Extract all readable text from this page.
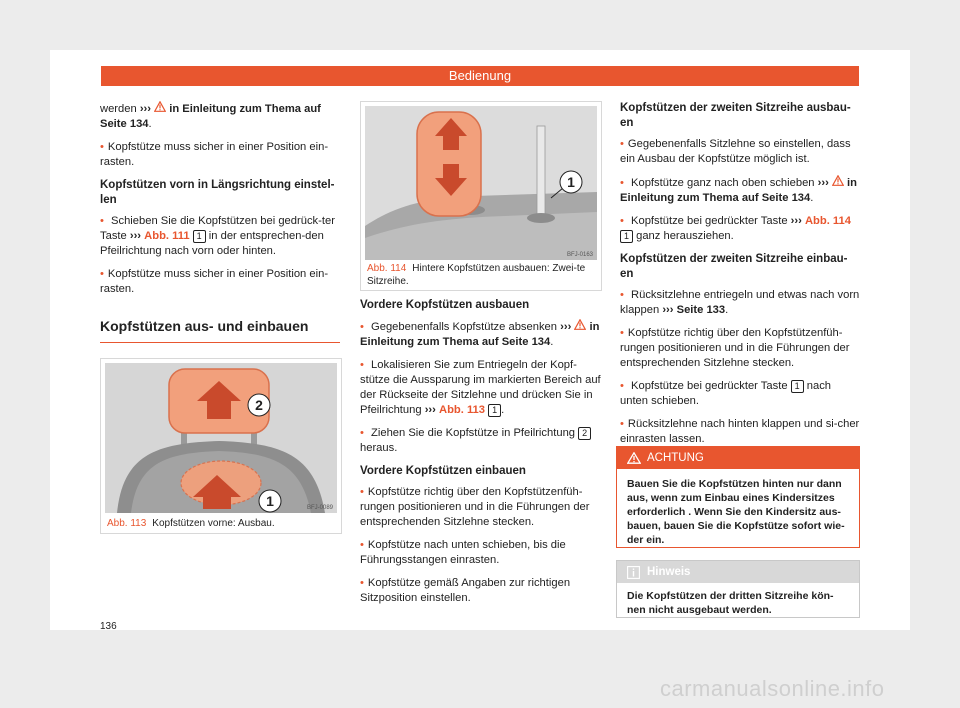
Bedienung

werden ››› in Einleitung zum Thema auf Seite 134.

• Kopfstütze muss sicher in einer Position ein-rasten.

Kopfstützen vorn in Längsrichtung einstel-len

• Schieben Sie die Kopfstützen bei gedrück-ter Taste ››› Abb. 111 1 in der entsprechen-den Pfeilrichtung nach vorn oder hinten.

• Kopfstütze muss sicher in einer Position ein-rasten.

Kopfstützen aus- und einbauen
2
1	BFJ-0089
Abb. 113 Kopfstützen vorne: Ausbau.
1
BFJ-0163
Abb. 114 Hintere Kopfstützen ausbauen: Zwei-te Sitzreihe.
Vordere Kopfstützen ausbauen

• Gegebenenfalls Kopfstütze absenken ››› in Einleitung zum Thema auf Seite 134.

• Lokalisieren Sie zum Entriegeln der Kopf-stütze die Aussparung im markierten Bereich auf der Rückseite der Sitzlehne und drücken Sie in Pfeilrichtung ››› Abb. 113 1 .

• Ziehen Sie die Kopfstütze in Pfeilrichtung 2 heraus.

Vordere Kopfstützen einbauen

• Kopfstütze richtig über den Kopfstützenfüh-rungen positionieren und in die Führungen der entsprechenden Sitzlehne stecken.

• Kopfstütze nach unten schieben, bis die Führungsstangen einrasten.

• Kopfstütze gemäß Angaben zur richtigen Sitzposition einstellen.

Kopfstützen der zweiten Sitzreihe ausbau-en

• Gegebenenfalls Sitzlehne so einstellen, dass ein Ausbau der Kopfstütze möglich ist.

• Kopfstütze ganz nach oben schieben ››› in Einleitung zum Thema auf Seite 134.

• Kopfstütze bei gedrückter Taste ››› Abb. 114 1 ganz herausziehen.

Kopfstützen der zweiten Sitzreihe einbau-en

• Rücksitzlehne entriegeln und etwas nach vorn klappen ››› Seite 133.

• Kopfstütze richtig über den Kopfstützenfüh-rungen positionieren und in die Führungen der entsprechenden Sitzlehne stecken.

• Kopfstütze bei gedrückter Taste 1 nach unten schieben.

• Rücksitzlehne nach hinten klappen und si-cher einrasten lassen.

ACHTUNG
Bauen Sie die Kopfstützen hinten nur dann aus, wenn zum Einbau eines Kindersitzes erforderlich . Wenn Sie den Kindersitz aus-bauen, bauen Sie die Kopfstütze sofort wie-der ein.
Hinweis
Die Kopfstützen der dritten Sitzreihe kön-nen nicht ausgebaut werden.
136
carmanualsonline.info
